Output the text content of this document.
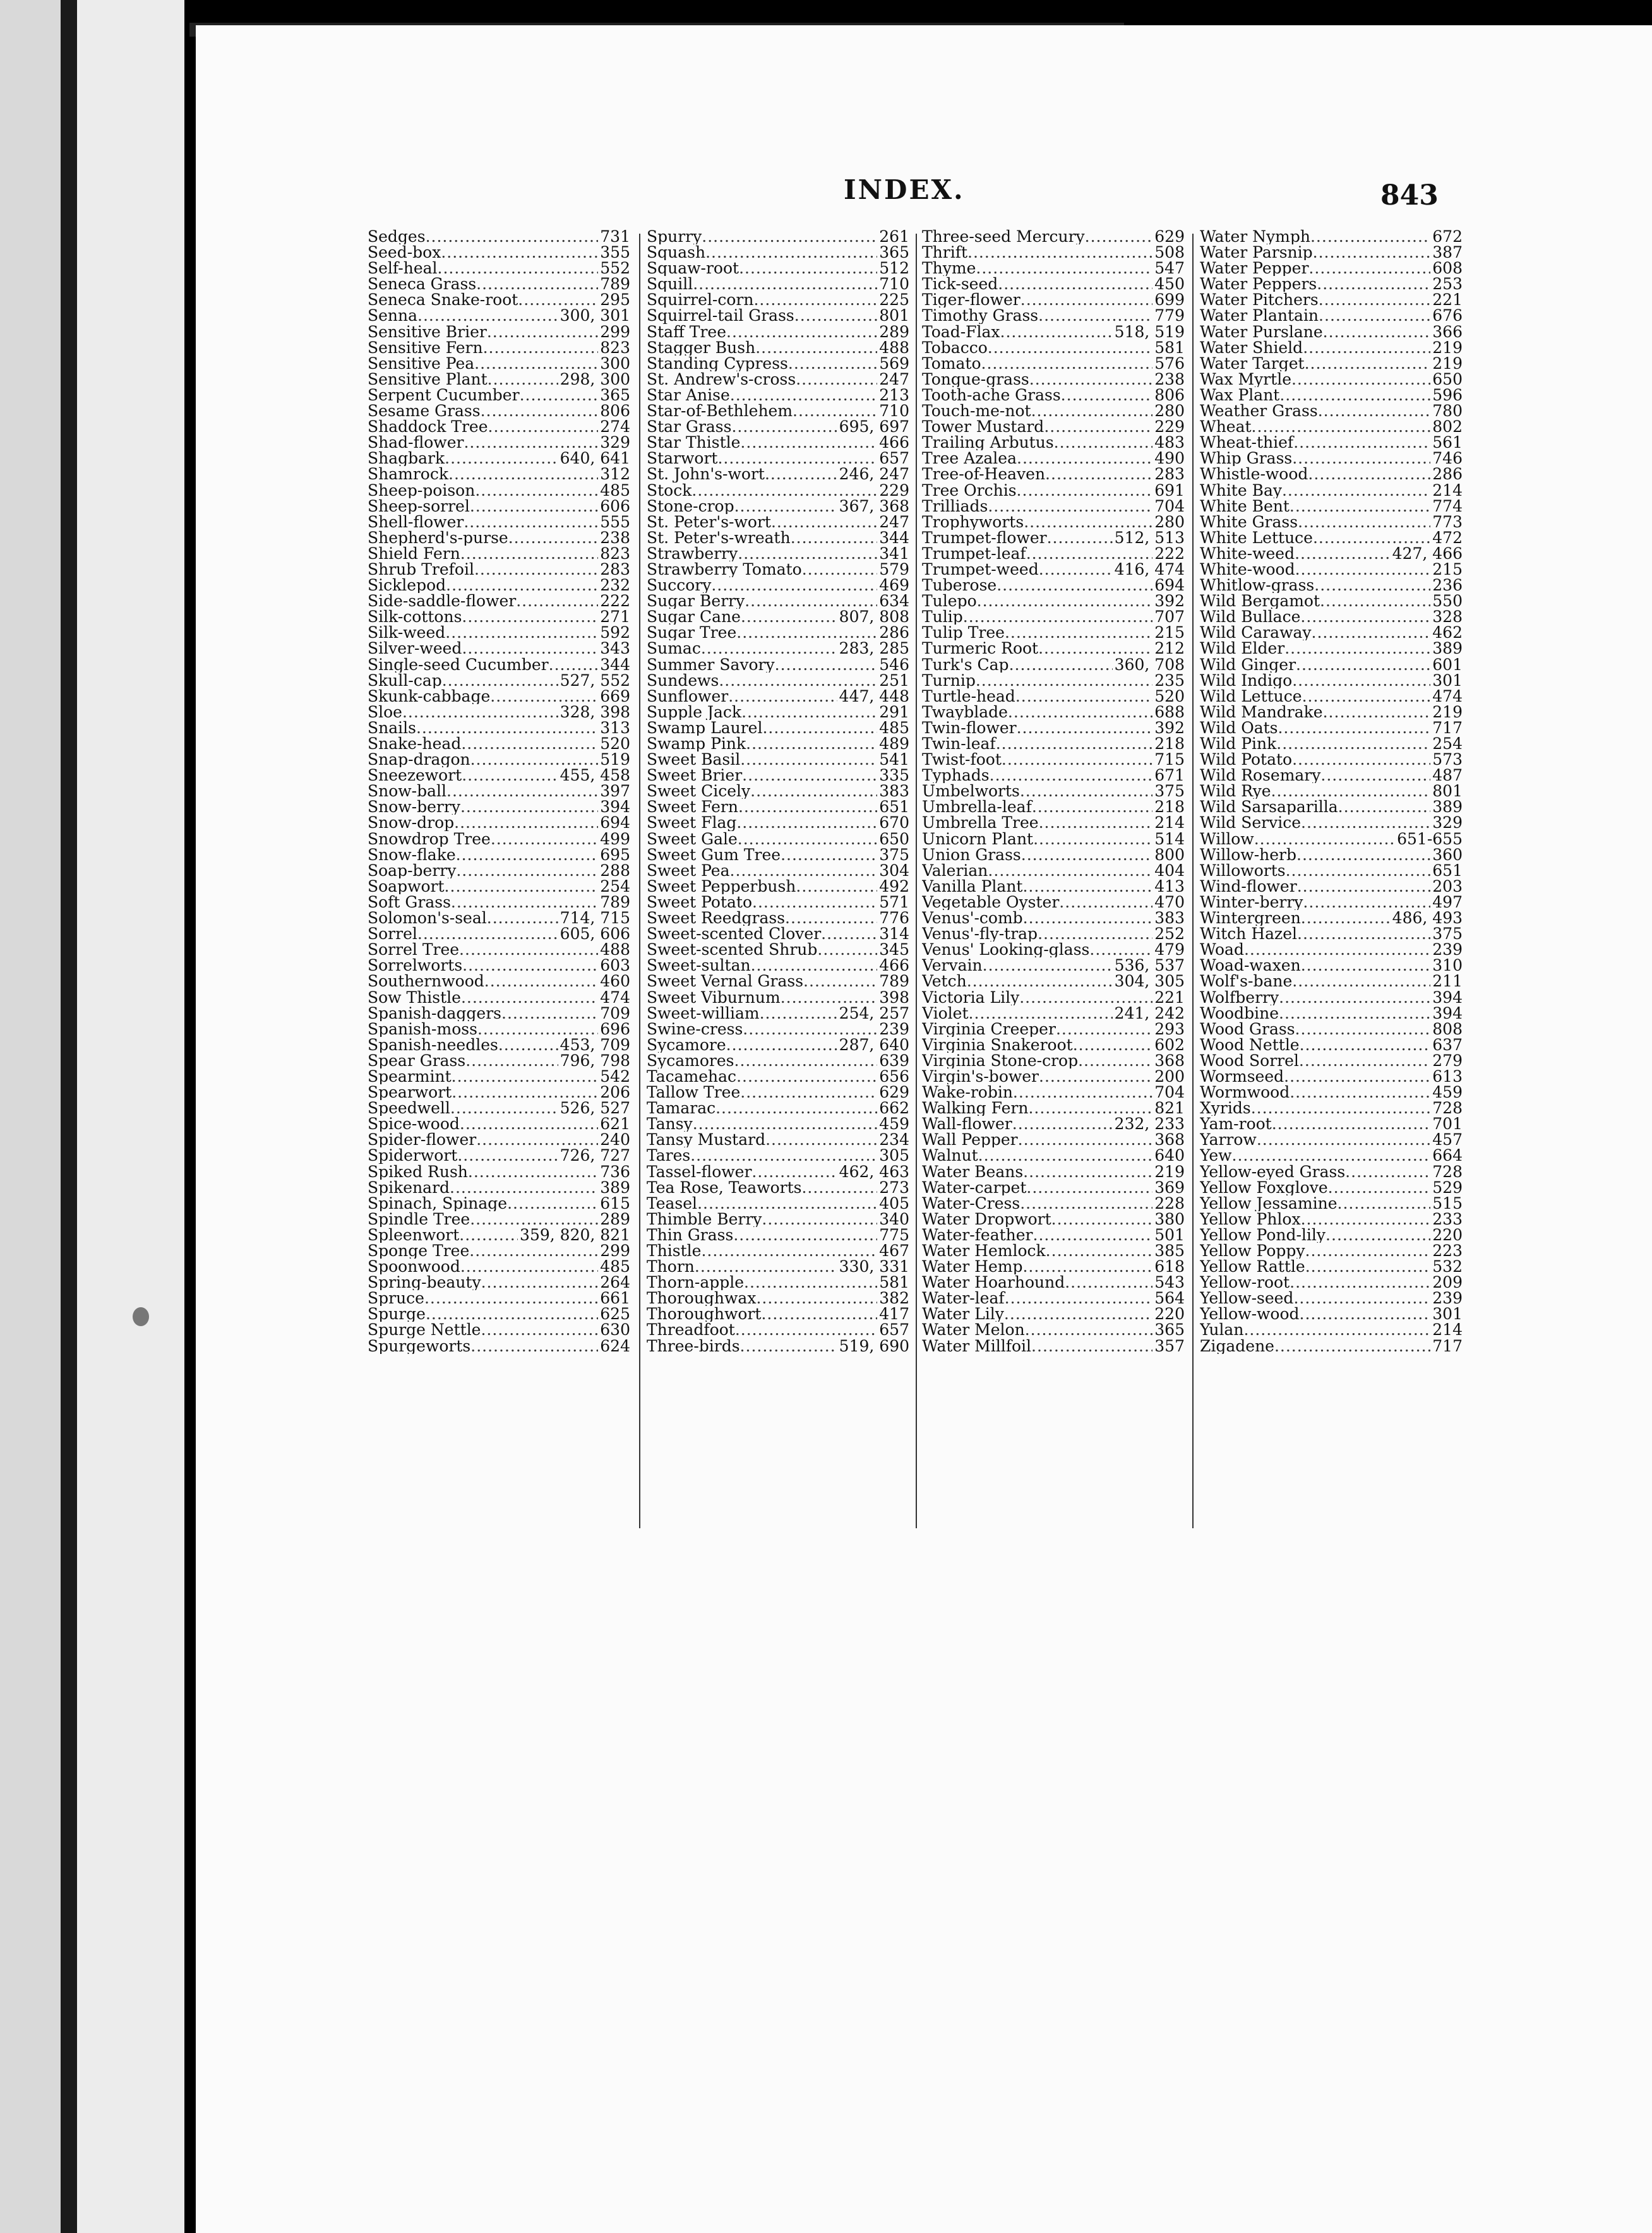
INDEX.	843
Sedges .....	731
Seed-box .....	355
Self-heal .....	552
Seneca Grass .....	789
Seneca Snake-root .....	295
Senna .....	300, 301
Sensitive Brier .....	299
Sensitive Fern .....	823
Sensitive Pea .....	300
Sensitive Plant .....	298, 300
Serpent Cucumber .....	365
Sesame Grass .....	806
Shaddock Tree .....	274
Shad-flower .....	329
Shagbark .....	640, 641
Shamrock .....	312
Sheep-poison .....	485
Sheep-sorrel .....	606
Shell-flower .....	555
Shepherd's-purse .....	238
Shield Fern .....	823
Shrub Trefoil .....	283
Sicklepod .....	232
Side-saddle-flower .....	222
Silk-cottons .....	271
Silk-weed .....	592
Silver-weed .....	343
Single-seed Cucumber .....	344
Skull-cap .....	527, 552
Skunk-cabbage .....	669
Sloe .....	328, 398
Snails .....	313
Snake-head .....	520
Snap-dragon .....	519
Sneezewort .....	455, 458
Snow-ball .....	397
Snow-berry .....	394
Snow-drop .....	694
Snowdrop Tree .....	499
Snow-flake .....	695
Soap-berry .....	288
Soapwort .....	254
Soft Grass .....	789
Solomon's-seal .....	714, 715
Sorrel .....	605, 606
Sorrel Tree .....	488
Sorrelworts .....	603
Southernwood .....	460
Sow Thistle .....	474
Spanish-daggers .....	709
Spanish-moss .....	696
Spanish-needles .....	453, 709
Spear Grass .....	796, 798
Spearmint .....	542
Spearwort .....	206
Speedwell .....	526, 527
Spice-wood .....	621
Spider-flower .....	240
Spiderwort .....	726, 727
Spiked Rush .....	736
Spikenard .....	389
Spinach, Spinage .....	615
Spindle Tree .....	289
Spleenwort .....	359, 820, 821
Sponge Tree .....	299
Spoonwood .....	485
Spring-beauty .....	264
Spruce .....	661
Spurge .....	625
Spurge Nettle .....	630
Spurgeworts .....	624
Spurry .....	261
Squash .....	365
Squaw-root .....	512
Squill .....	710
Squirrel-corn .....	225
Squirrel-tail Grass .....	801
Staff Tree .....	289
Stagger Bush .....	488
Standing Cypress .....	569
St. Andrew's-cross .....	247
Star Anise .....	213
Star-of-Bethlehem .....	710
Star Grass .....	695, 697
Star Thistle .....	466
Starwort .....	657
St. John's-wort .....	246, 247
Stock .....	229
Stone-crop .....	367, 368
St. Peter's-wort .....	247
St. Peter's-wreath .....	344
Strawberry .....	341
Strawberry Tomato .....	579
Succory .....	469
Sugar Berry .....	634
Sugar Cane .....	807, 808
Sugar Tree .....	286
Sumac .....	283, 285
Summer Savory .....	546
Sundews .....	251
Sunflower .....	447, 448
Supple Jack .....	291
Swamp Laurel .....	485
Swamp Pink .....	489
Sweet Basil .....	541
Sweet Brier .....	335
Sweet Cicely .....	383
Sweet Fern .....	651
Sweet Flag .....	670
Sweet Gale .....	650
Sweet Gum Tree .....	375
Sweet Pea .....	304
Sweet Pepperbush .....	492
Sweet Potato .....	571
Sweet Reedgrass .....	776
Sweet-scented Clover .....	314
Sweet-scented Shrub .....	345
Sweet-sultan .....	466
Sweet Vernal Grass .....	789
Sweet Viburnum .....	398
Sweet-william .....	254, 257
Swine-cress .....	239
Sycamore .....	287, 640
Sycamores .....	639
Tacamehac .....	656
Tallow Tree .....	629
Tamarac .....	662
Tansy .....	459
Tansy Mustard .....	234
Tares .....	305
Tassel-flower .....	462, 463
Tea Rose, Teaworts .....	273
Teasel .....	405
Thimble Berry .....	340
Thin Grass .....	775
Thistle .....	467
Thorn .....	330, 331
Thorn-apple .....	581
Thoroughwax .....	382
Thoroughwort .....	417
Threadfoot .....	657
Three-birds .....	519, 690
Three-seed Mercury .....	629
Thrift .....	508
Thyme .....	547
Tick-seed .....	450
Tiger-flower .....	699
Timothy Grass .....	779
Toad-Flax .....	518, 519
Tobacco .....	581
Tomato .....	576
Tongue-grass .....	238
Tooth-ache Grass .....	806
Touch-me-not .....	280
Tower Mustard .....	229
Trailing Arbutus .....	483
Tree Azalea .....	490
Tree-of-Heaven .....	283
Tree Orchis .....	691
Trilliads .....	704
Trophyworts .....	280
Trumpet-flower .....	512, 513
Trumpet-leaf .....	222
Trumpet-weed .....	416, 474
Tuberose .....	694
Tulepo .....	392
Tulip .....	707
Tulip Tree .....	215
Turmeric Root .....	212
Turk's Cap .....	360, 708
Turnip .....	235
Turtle-head .....	520
Twayblade .....	688
Twin-flower .....	392
Twin-leaf .....	218
Twist-foot .....	715
Typhads .....	671
Umbelworts .....	375
Umbrella-leaf .....	218
Umbrella Tree .....	214
Unicorn Plant .....	514
Union Grass .....	800
Valerian .....	404
Vanilla Plant .....	413
Vegetable Oyster .....	470
Venus'-comb .....	383
Venus'-fly-trap .....	252
Venus' Looking-glass .....	479
Vervain .....	536, 537
Vetch .....	304, 305
Victoria Lily .....	221
Violet .....	241, 242
Virginia Creeper .....	293
Virginia Snakeroot .....	602
Virginia Stone-crop .....	368
Virgin's-bower .....	200
Wake-robin .....	704
Walking Fern .....	821
Wall-flower .....	232, 233
Wall Pepper .....	368
Walnut .....	640
Water Beans .....	219
Water-carpet .....	369
Water-Cress .....	228
Water Dropwort .....	380
Water-feather .....	501
Water Hemlock .....	385
Water Hemp .....	618
Water Hoarhound .....	543
Water-leaf .....	564
Water Lily .....	220
Water Melon .....	365
Water Millfoil .....	357
Water Nymph .....	672
Water Parsnip .....	387
Water Pepper .....	608
Water Peppers .....	253
Water Pitchers .....	221
Water Plantain .....	676
Water Purslane .....	366
Water Shield .....	219
Water Target .....	219
Wax Myrtle .....	650
Wax Plant .....	596
Weather Grass .....	780
Wheat .....	802
Wheat-thief .....	561
Whip Grass .....	746
Whistle-wood .....	286
White Bay .....	214
White Bent .....	774
White Grass .....	773
White Lettuce .....	472
White-weed .....	427, 466
White-wood .....	215
Whitlow-grass .....	236
Wild Bergamot .....	550
Wild Bullace .....	328
Wild Caraway .....	462
Wild Elder .....	389
Wild Ginger .....	601
Wild Indigo .....	301
Wild Lettuce .....	474
Wild Mandrake .....	219
Wild Oats .....	717
Wild Pink .....	254
Wild Potato .....	573
Wild Rosemary .....	487
Wild Rye .....	801
Wild Sarsaparilla .....	389
Wild Service .....	329
Willow .....	651-655
Willow-herb .....	360
Willoworts .....	651
Wind-flower .....	203
Winter-berry .....	497
Wintergreen .....	486, 493
Witch Hazel .....	375
Woad .....	239
Woad-waxen .....	310
Wolf's-bane .....	211
Wolfberry .....	394
Woodbine .....	394
Wood Grass .....	808
Wood Nettle .....	637
Wood Sorrel .....	279
Wormseed .....	613
Wormwood .....	459
Xyrids .....	728
Yam-root .....	701
Yarrow .....	457
Yew .....	664
Yellow-eyed Grass .....	728
Yellow Foxglove .....	529
Yellow Jessamine .....	515
Yellow Phlox .....	233
Yellow Pond-lily .....	220
Yellow Poppy .....	223
Yellow Rattle .....	532
Yellow-root .....	209
Yellow-seed .....	239
Yellow-wood .....	301
Yulan .....	214
Zigadene .....	717
